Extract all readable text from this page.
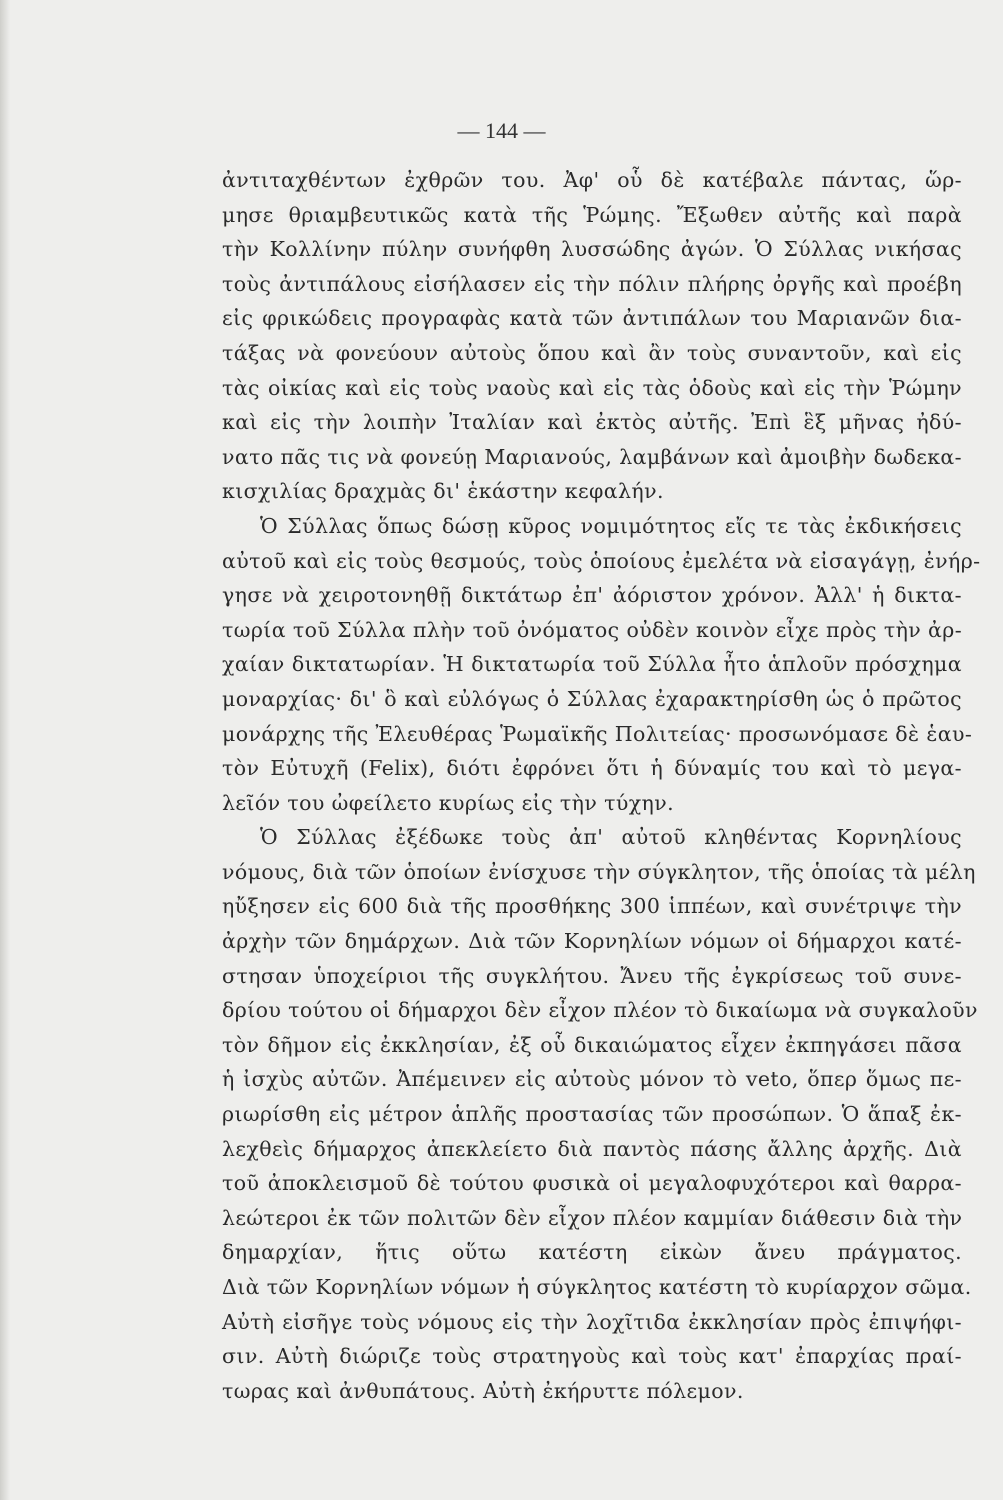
— 144 —
ἀντιταχθέντων ἐχθρῶν του. Ἀφ' οὗ δὲ κατέβαλε πάντας, ὥρ-
μησε θριαμβευτικῶς κατὰ τῆς Ῥώμης. Ἔξωθεν αὐτῆς καὶ παρὰ
τὴν Κολλίνην πύλην συνήφθη λυσσώδης ἀγών. Ὁ Σύλλας νικήσας
τοὺς ἀντιπάλους εἰσήλασεν εἰς τὴν πόλιν πλήρης ὀργῆς καὶ προέβη
εἰς φρικώδεις προγραφὰς κατὰ τῶν ἀντιπάλων του Μαριανῶν δια-
τάξας νὰ φονεύουν αὐτοὺς ὅπου καὶ ἂν τοὺς συναντοῦν, καὶ εἰς
τὰς οἰκίας καὶ εἰς τοὺς ναοὺς καὶ εἰς τὰς ὁδοὺς καὶ εἰς τὴν Ῥώμην
καὶ εἰς τὴν λοιπὴν Ἰταλίαν καὶ ἐκτὸς αὐτῆς. Ἐπὶ ἓξ μῆνας ἠδύ-
νατο πᾶς τις νὰ φονεύῃ Μαριανούς, λαμβάνων καὶ ἀμοιβὴν δωδεκα-
κισχιλίας δραχμὰς δι' ἑκάστην κεφαλήν.
Ὁ Σύλλας ὅπως δώσῃ κῦρος νομιμότητος εἴς τε τὰς ἐκδικήσεις
αὐτοῦ καὶ εἰς τοὺς θεσμούς, τοὺς ὁποίους ἐμελέτα νὰ εἰσαγάγῃ, ἐνήρ-
γησε νὰ χειροτονηθῇ δικτάτωρ ἐπ' ἀόριστον χρόνον. Ἀλλ' ἡ δικτα-
τωρία τοῦ Σύλλα πλὴν τοῦ ὀνόματος οὐδὲν κοινὸν εἶχε πρὸς τὴν ἀρ-
χαίαν δικτατωρίαν. Ἡ δικτατωρία τοῦ Σύλλα ἦτο ἁπλοῦν πρόσχημα
μοναρχίας· δι' ὃ καὶ εὐλόγως ὁ Σύλλας ἐχαρακτηρίσθη ὡς ὁ πρῶτος
μονάρχης τῆς Ἐλευθέρας Ῥωμαϊκῆς Πολιτείας· προσωνόμασε δὲ ἑαυ-
τὸν Εὐτυχῆ (Felix), διότι ἐφρόνει ὅτι ἡ δύναμίς του καὶ τὸ μεγα-
λεῖόν του ὠφείλετο κυρίως εἰς τὴν τύχην.
Ὁ Σύλλας ἐξέδωκε τοὺς ἀπ' αὐτοῦ κληθέντας Κορνηλίους
νόμους, διὰ τῶν ὁποίων ἐνίσχυσε τὴν σύγκλητον, τῆς ὁποίας τὰ μέλη
ηὔξησεν εἰς 600 διὰ τῆς προσθήκης 300 ἱππέων, καὶ συνέτριψε τὴν
ἀρχὴν τῶν δημάρχων. Διὰ τῶν Κορνηλίων νόμων οἱ δήμαρχοι κατέ-
στησαν ὑποχείριοι τῆς συγκλήτου. Ἄνευ τῆς ἐγκρίσεως τοῦ συνε-
δρίου τούτου οἱ δήμαρχοι δὲν εἶχον πλέον τὸ δικαίωμα νὰ συγκαλοῦν
τὸν δῆμον εἰς ἐκκλησίαν, ἐξ οὗ δικαιώματος εἶχεν ἐκπηγάσει πᾶσα
ἡ ἰσχὺς αὐτῶν. Ἀπέμεινεν εἰς αὐτοὺς μόνον τὸ veto, ὅπερ ὅμως πε-
ριωρίσθη εἰς μέτρον ἁπλῆς προστασίας τῶν προσώπων. Ὁ ἅπαξ ἐκ-
λεχθεὶς δήμαρχος ἀπεκλείετο διὰ παντὸς πάσης ἄλλης ἀρχῆς. Διὰ
τοῦ ἀποκλεισμοῦ δὲ τούτου φυσικὰ οἱ μεγαλοφυχότεροι καὶ θαρρα-
λεώτεροι ἐκ τῶν πολιτῶν δὲν εἶχον πλέον καμμίαν διάθεσιν διὰ τὴν
δημαρχίαν, ἥτις οὕτω κατέστη εἰκὼν ἄνευ πράγματος.
Διὰ τῶν Κορνηλίων νόμων ἡ σύγκλητος κατέστη τὸ κυρίαρχον σῶμα.
Αὐτὴ εἰσῆγε τοὺς νόμους εἰς τὴν λοχῖτιδα ἐκκλησίαν πρὸς ἐπιψήφι-
σιν. Αὐτὴ διώριζε τοὺς στρατηγοὺς καὶ τοὺς κατ' ἐπαρχίας πραί-
τωρας καὶ ἀνθυπάτους. Αὐτὴ ἐκήρυττε πόλεμον.
